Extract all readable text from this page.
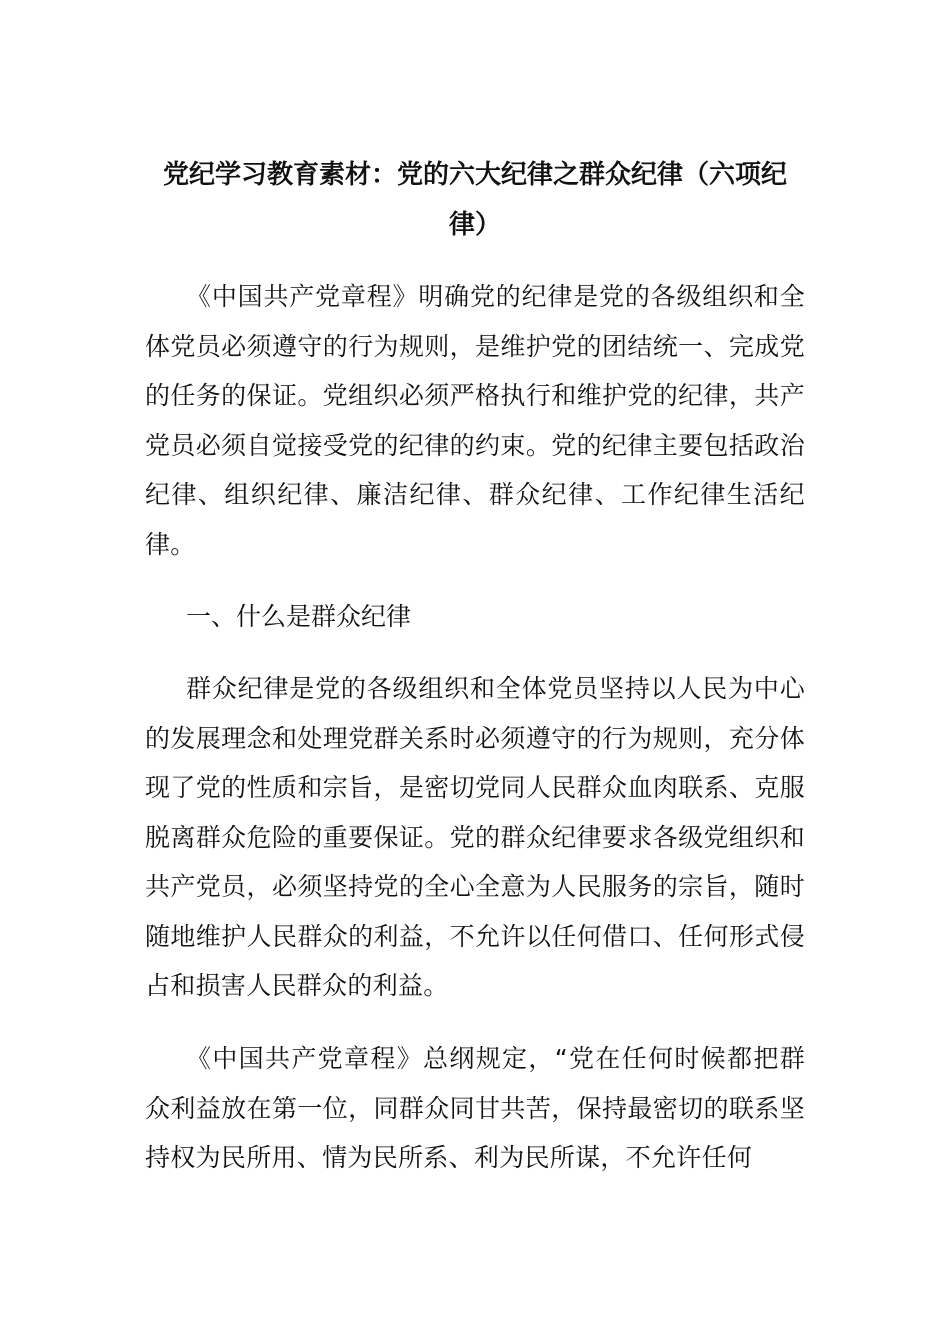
党纪学习教育素材：党的六大纪律之群众纪律（六项纪律）

《中国共产党章程》明确党的纪律是党的各级组织和全体党员必须遵守的行为规则，是维护党的团结统一、完成党的任务的保证。党组织必须严格执行和维护党的纪律，共产党员必须自觉接受党的纪律的约束。党的纪律主要包括政治纪律、组织纪律、廉洁纪律、群众纪律、工作纪律生活纪律。

一、什么是群众纪律

群众纪律是党的各级组织和全体党员坚持以人民为中心的发展理念和处理党群关系时必须遵守的行为规则，充分体现了党的性质和宗旨，是密切党同人民群众血肉联系、克服脱离群众危险的重要保证。党的群众纪律要求各级党组织和共产党员，必须坚持党的全心全意为人民服务的宗旨，随时随地维护人民群众的利益，不允许以任何借口、任何形式侵占和损害人民群众的利益。

《中国共产党章程》总纲规定，“党在任何时候都把群众利益放在第一位，同群众同甘共苦，保持最密切的联系坚持权为民所用、情为民所系、利为民所谋，不允许任何
